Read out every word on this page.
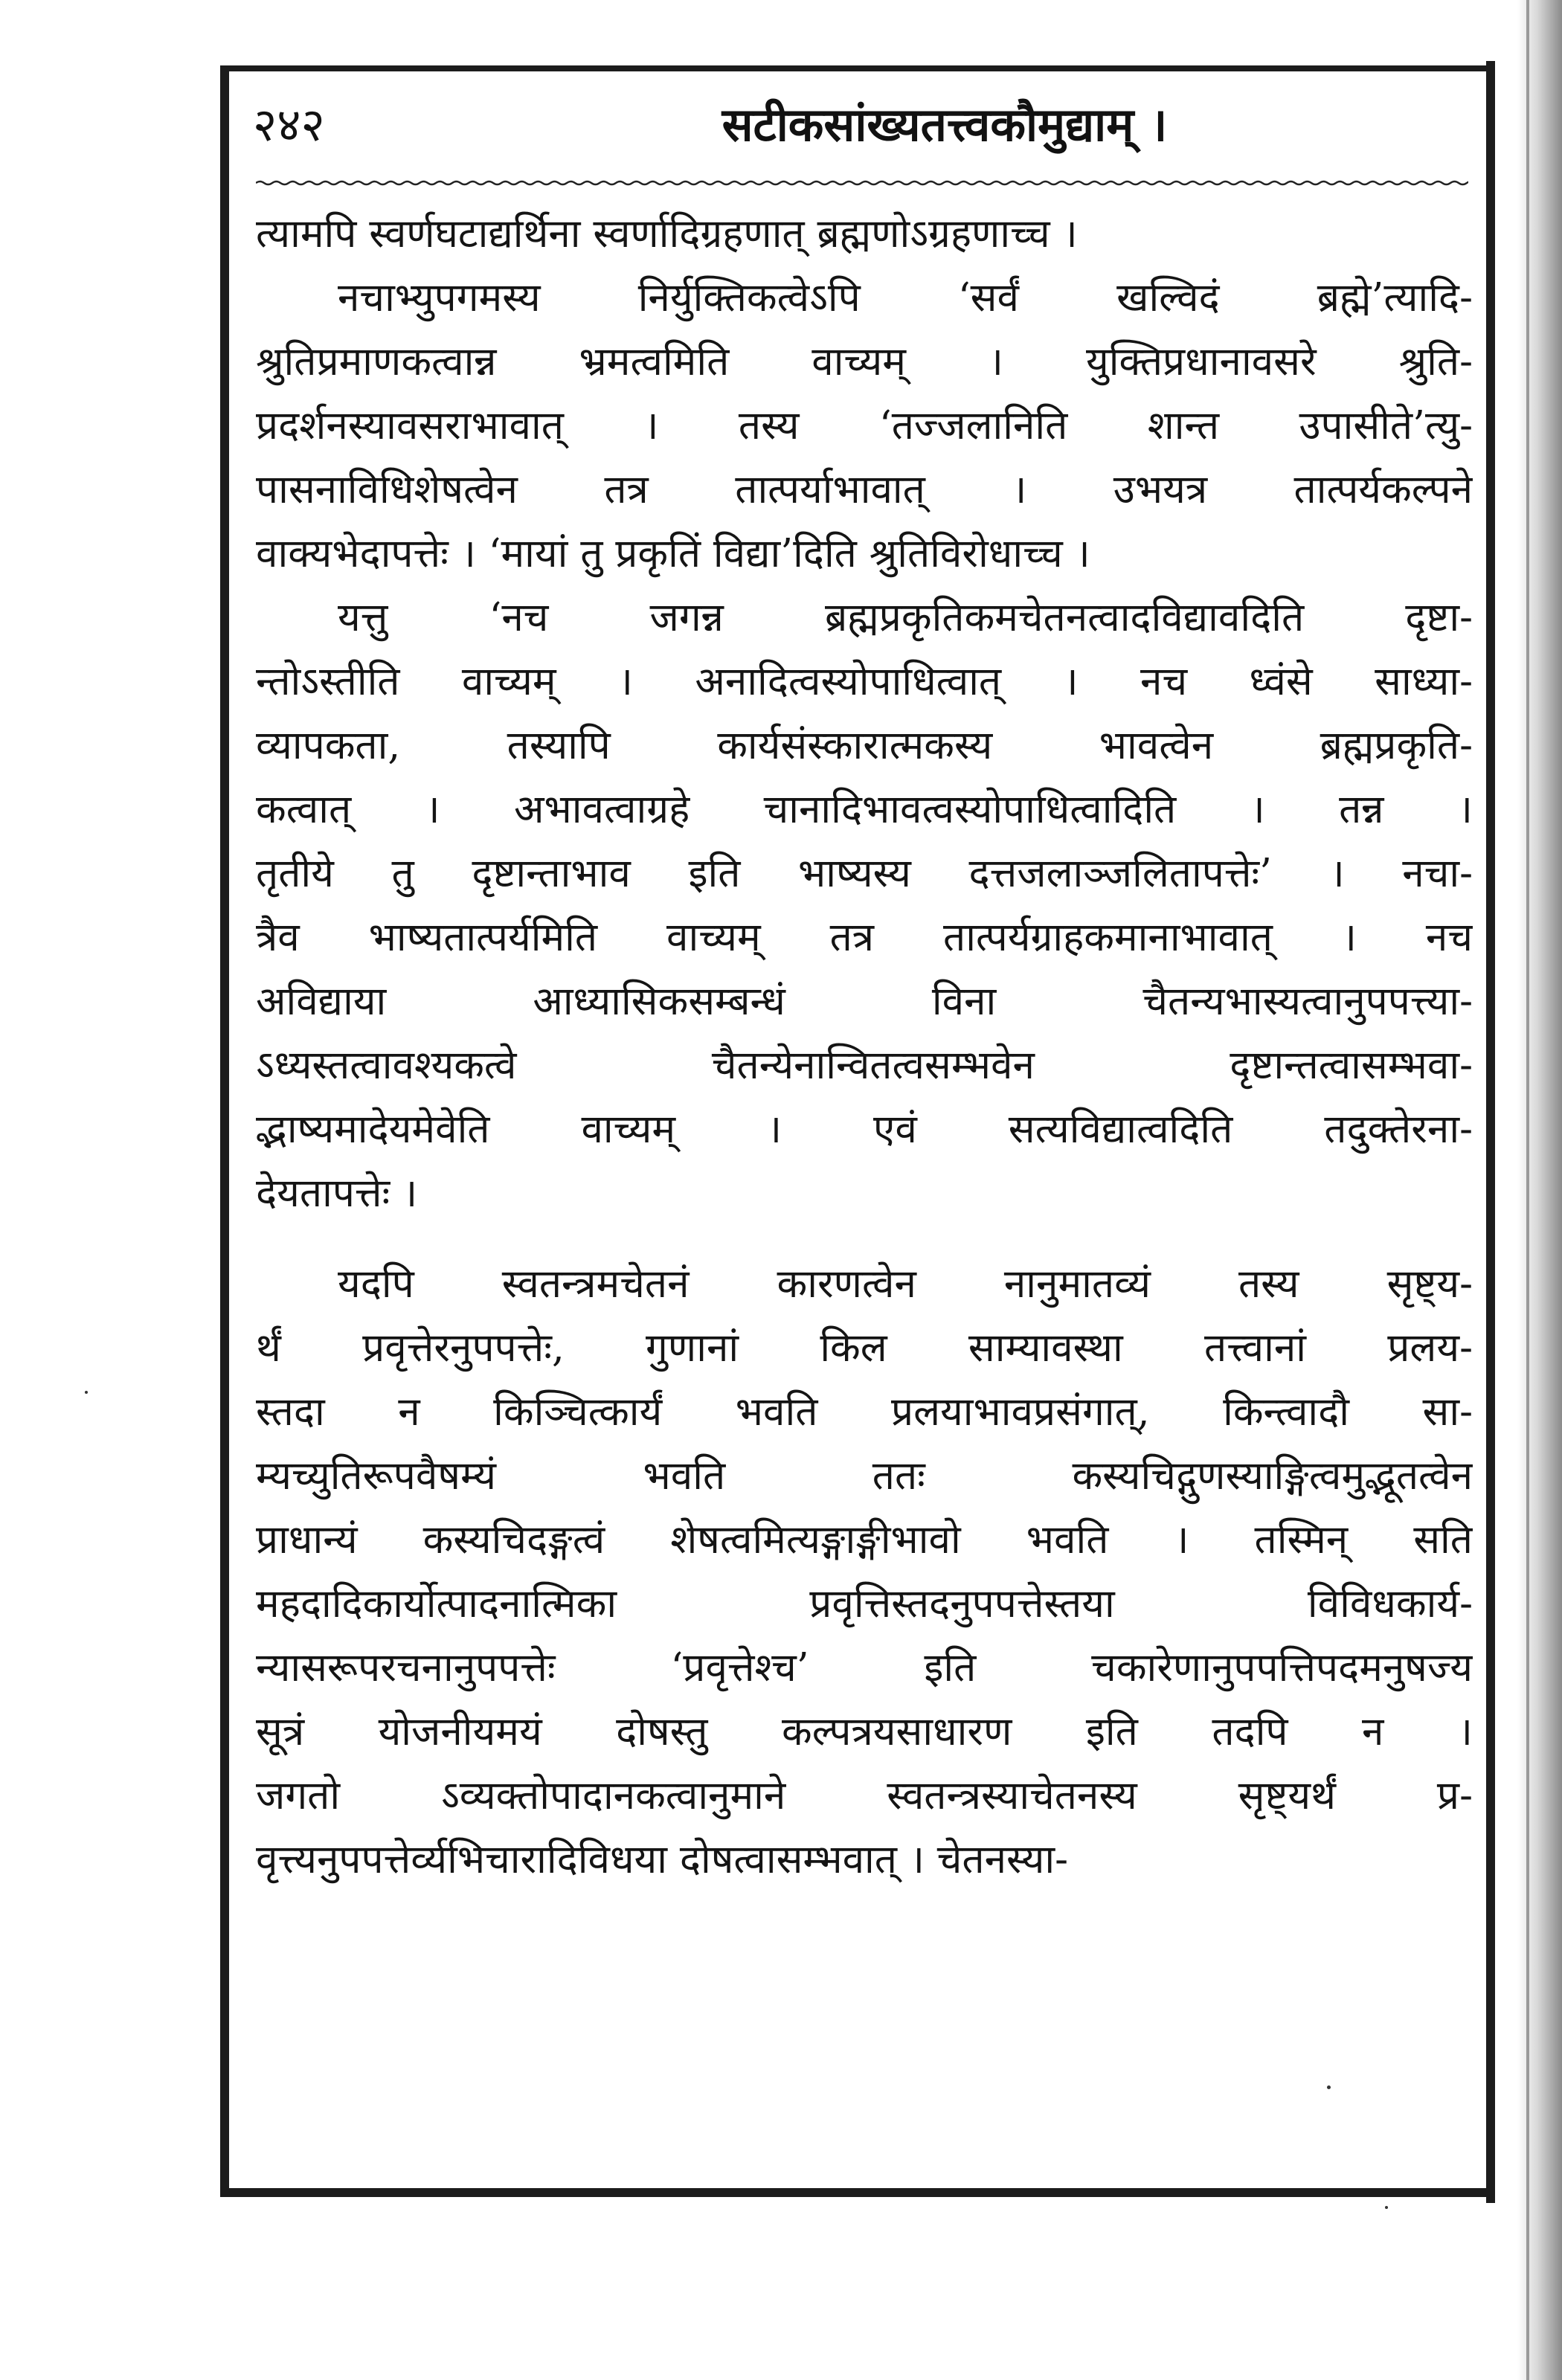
२४२	सटीकसांख्यतत्त्वकौमुद्याम् ।
त्यामपि स्वर्णघटाद्यर्थिना स्वर्णादिग्रहणात् ब्रह्मणोऽग्रहणाच्च ।
नचाभ्युपगमस्य निर्युक्तिकत्वेऽपि ‘सर्वं खल्विदं ब्रह्मे’त्यादि-
श्रुतिप्रमाणकत्वान्न भ्रमत्वमिति वाच्यम् । युक्तिप्रधानावसरे श्रुति-
प्रदर्शनस्यावसराभावात् । तस्य ‘तज्जलानिति शान्त उपासीते’त्यु-
पासनाविधिशेषत्वेन तत्र तात्पर्याभावात् । उभयत्र तात्पर्यकल्पने
वाक्यभेदापत्तेः । ‘मायां तु प्रकृतिं विद्या’दिति श्रुतिविरोधाच्च ।
यत्तु ‘नच जगन्न ब्रह्मप्रकृतिकमचेतनत्वादविद्यावदिति दृष्टा-
न्तोऽस्तीति वाच्यम् । अनादित्वस्योपाधित्वात् । नच ध्वंसे साध्या-
व्यापकता, तस्यापि कार्यसंस्कारात्मकस्य भावत्वेन ब्रह्मप्रकृति-
कत्वात् । अभावत्वाग्रहे चानादिभावत्वस्योपाधित्वादिति । तन्न ।
तृतीये तु दृष्टान्ताभाव इति भाष्यस्य दत्तजलाञ्जलितापत्तेः’ । नचा-
त्रैव भाष्यतात्पर्यमिति वाच्यम् तत्र तात्पर्यग्राहकमानाभावात् । नच
अविद्याया आध्यासिकसम्बन्धं विना चैतन्यभास्यत्वानुपपत्त्या-
ऽध्यस्तत्वावश्यकत्वे चैतन्येनान्वितत्वसम्भवेन दृष्टान्तत्वासम्भवा-
द्भाष्यमादेयमेवेति वाच्यम् । एवं सत्यविद्यात्वदिति तदुक्तेरना-
देयतापत्तेः ।
यदपि स्वतन्त्रमचेतनं कारणत्वेन नानुमातव्यं तस्य सृष्ट्य-
र्थं प्रवृत्तेरनुपपत्तेः, गुणानां किल साम्यावस्था तत्त्वानां प्रलय-
स्तदा न किञ्चित्कार्यं भवति प्रलयाभावप्रसंगात्, किन्त्वादौ सा-
म्यच्युतिरूपवैषम्यं भवति ततः कस्यचिद्गुणस्याङ्गित्वमुद्भूतत्वेन
प्राधान्यं कस्यचिदङ्गत्वं शेषत्वमित्यङ्गाङ्गीभावो भवति । तस्मिन् सति
महदादिकार्योत्पादनात्मिका प्रवृत्तिस्तदनुपपत्तेस्तया विविधकार्य-
न्यासरूपरचनानुपपत्तेः ‘प्रवृत्तेश्च’ इति चकारेणानुपपत्तिपदमनुषज्य
सूत्रं योजनीयमयं दोषस्तु कल्पत्रयसाधारण इति तदपि न ।
जगतो ऽव्यक्तोपादानकत्वानुमाने स्वतन्त्रस्याचेतनस्य सृष्ट्यर्थं प्र-
वृत्त्यनुपपत्तेर्व्यभिचारादिविधया दोषत्वासम्भवात् । चेतनस्या-
